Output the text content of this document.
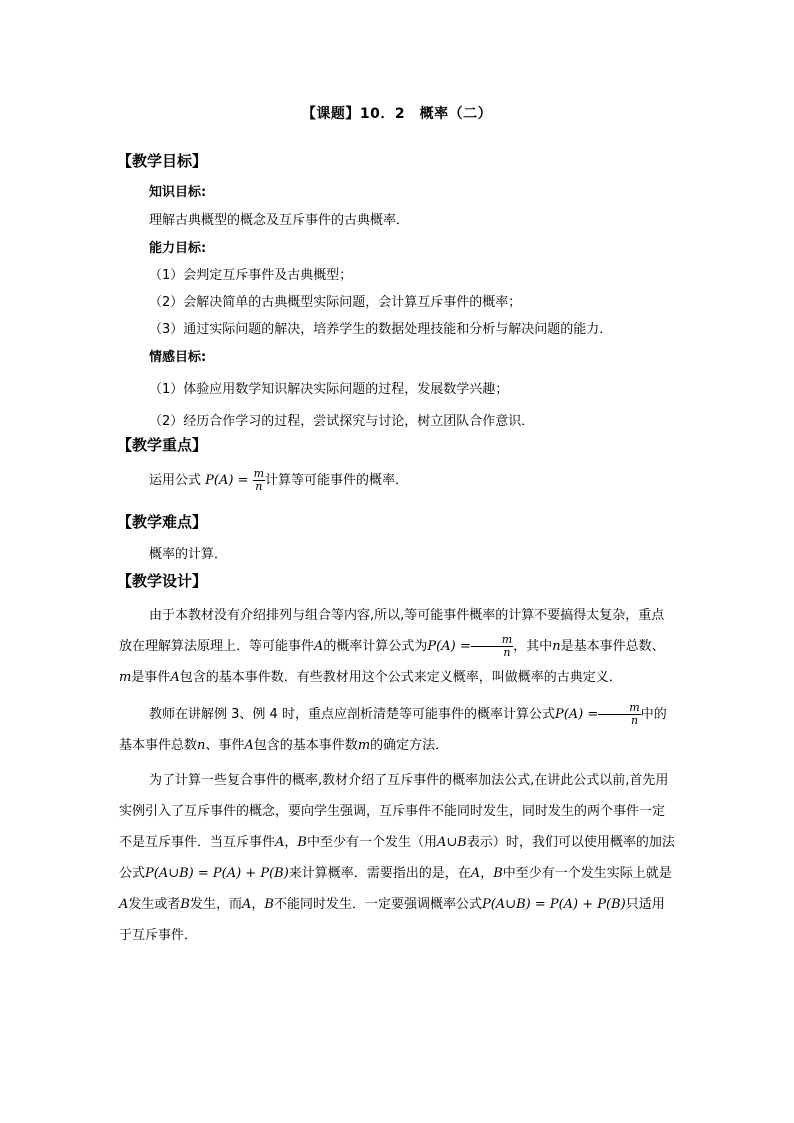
【课题】10．2　概率（二）
【教学目标】
知识目标:
理解古典概型的概念及互斥事件的古典概率．
能力目标:
（1）会判定互斥事件及古典概型；
（2）会解决简单的古典概型实际问题，会计算互斥事件的概率；
（3）通过实际问题的解决，培养学生的数据处理技能和分析与解决问题的能力．
情感目标:
（1）体验应用数学知识解决实际问题的过程，发展数学兴趣；
（2）经历合作学习的过程，尝试探究与讨论，树立团队合作意识．
【教学重点】
运用公式 $P(A) = \frac{m}{n}$ 计算等可能事件的概率．
【教学难点】
概率的计算．
【教学设计】

由于本教材没有介绍排列与组合等内容,所以,等可能事件概率的计算不要搞得太复杂，重点放在理解算法原理上．等可能事件A的概率计算公式为$P(A) = \frac{m}{n}$ ，其中n是基本事件总数、m是事件A包含的基本事件数．有些教材用这个公式来定义概率，叫做概率的古典定义．

教师在讲解例 3、例 4 时，重点应剖析清楚等可能事件的概率计算公式$P(A) = \frac{m}{n}$ 中的基本事件总数n、事件A包含的基本事件数m的确定方法．

为了计算一些复合事件的概率,教材介绍了互斥事件的概率加法公式,在讲此公式以前,首先用实例引入了互斥事件的概念，要向学生强调，互斥事件不能同时发生，同时发生的两个事件一定不是互斥事件．当互斥事件A，B中至少有一个发生（用A∪B表示）时，我们可以使用概率的加法公式P(A∪B) = P(A) + P(B)来计算概率．需要指出的是，在A，B中至少有一个发生实际上就是A发生或者B发生，而A，B不能同时发生．一定要强调概率公式P(A∪B) = P(A) + P(B)只适用于互斥事件．
